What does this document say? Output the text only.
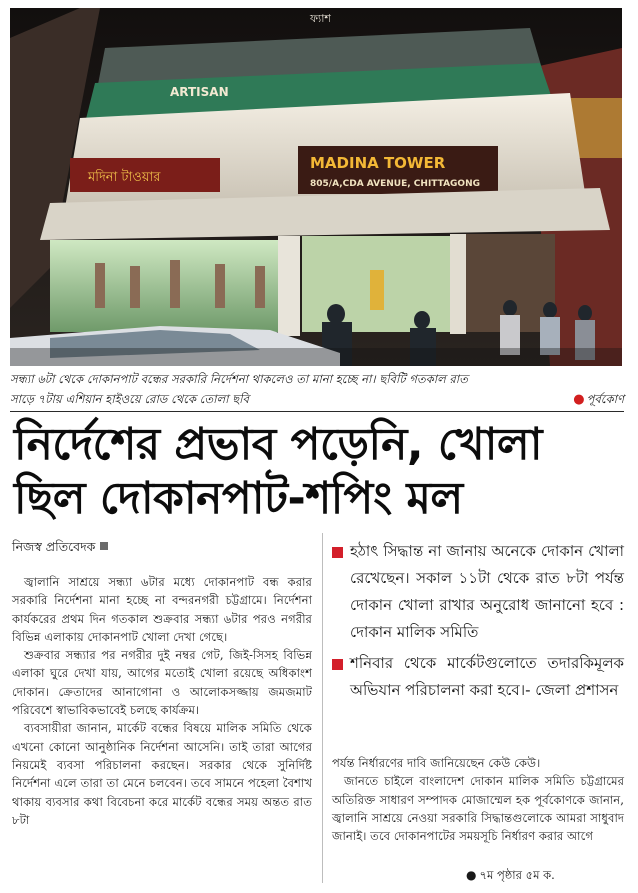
মদিনা টাওয়ার
MADINA TOWER
805/A,CDA AVENUE, CHITTAGONG
ARTISAN
ফ্যাশ
সন্ধ্যা ৬টা থেকে দোকানপাট বন্ধের সরকারি নির্দেশনা থাকলেও তা মানা হচ্ছে না। ছবিটি গতকাল রাত
সাড়ে ৭টায় এশিয়ান হাইওয়ে রোড থেকে তোলা ছবি	● পূর্বকোণ
নির্দেশের প্রভাব পড়েনি, খোলা
ছিল দোকানপাট-শপিং মল
নিজস্ব প্রতিবেদক

জ্বালানি সাশ্রয়ে সন্ধ্যা ৬টার মধ্যে দোকানপাট বন্ধ করার সরকারি নির্দেশনা মানা হচ্ছে না বন্দরনগরী চট্টগ্রামে। নির্দেশনা কার্যকরের প্রথম দিন গতকাল শুক্রবার সন্ধ্যা ৬টার পরও নগরীর বিভিন্ন এলাকায় দোকানপাট খোলা দেখা গেছে।

শুক্রবার সন্ধ্যার পর নগরীর দুই নম্বর গেট, জিই-সিসহ বিভিন্ন এলাকা ঘুরে দেখা যায়, আগের মতোই খোলা রয়েছে অধিকাংশ দোকান। ক্রেতাদের আনাগোনা ও আলোকসজ্জায় জমজমাট পরিবেশে স্বাভাবিকভাবেই চলছে কার্যক্রম।

ব্যবসায়ীরা জানান, মার্কেট বন্ধের বিষয়ে মালিক সমিতি থেকে এখনো কোনো আনুষ্ঠানিক নির্দেশনা আসেনি। তাই তারা আগের নিয়মেই ব্যবসা পরিচালনা করছেন। সরকার থেকে সুনির্দিষ্ট নির্দেশনা এলে তারা তা মেনে চলবেন। তবে সামনে পহেলা বৈশাখ থাকায় ব্যবসার কথা বিবেচনা করে মার্কেট বন্ধের সময় অন্তত রাত ৮টা

হঠাৎ সিদ্ধান্ত না জানায় অনেকে দোকান খোলা রেখেছেন। সকাল ১১টা থেকে রাত ৮টা পর্যন্ত দোকান খোলা রাখার অনুরোধ জানানো হবে : দোকান মালিক সমিতি
শনিবার থেকে মার্কেটগুলোতে তদারকিমূলক অভিযান পরিচালনা করা হবে।- জেলা প্রশাসন

পর্যন্ত নির্ধারণের দাবি জানিয়েছেন কেউ কেউ।

জানতে চাইলে বাংলাদেশ দোকান মালিক সমিতি চট্টগ্রামের অতিরিক্ত সাধারণ সম্পাদক মোজাম্মেল হক পূর্বকোণকে জানান, জ্বালানি সাশ্রয়ে নেওয়া সরকারি সিদ্ধান্তগুলোকে আমরা সাধুবাদ জানাই। তবে দোকানপাটের সময়সূচি নির্ধারণ করার আগে

● ৭ম পৃষ্ঠার ৫ম ক.
